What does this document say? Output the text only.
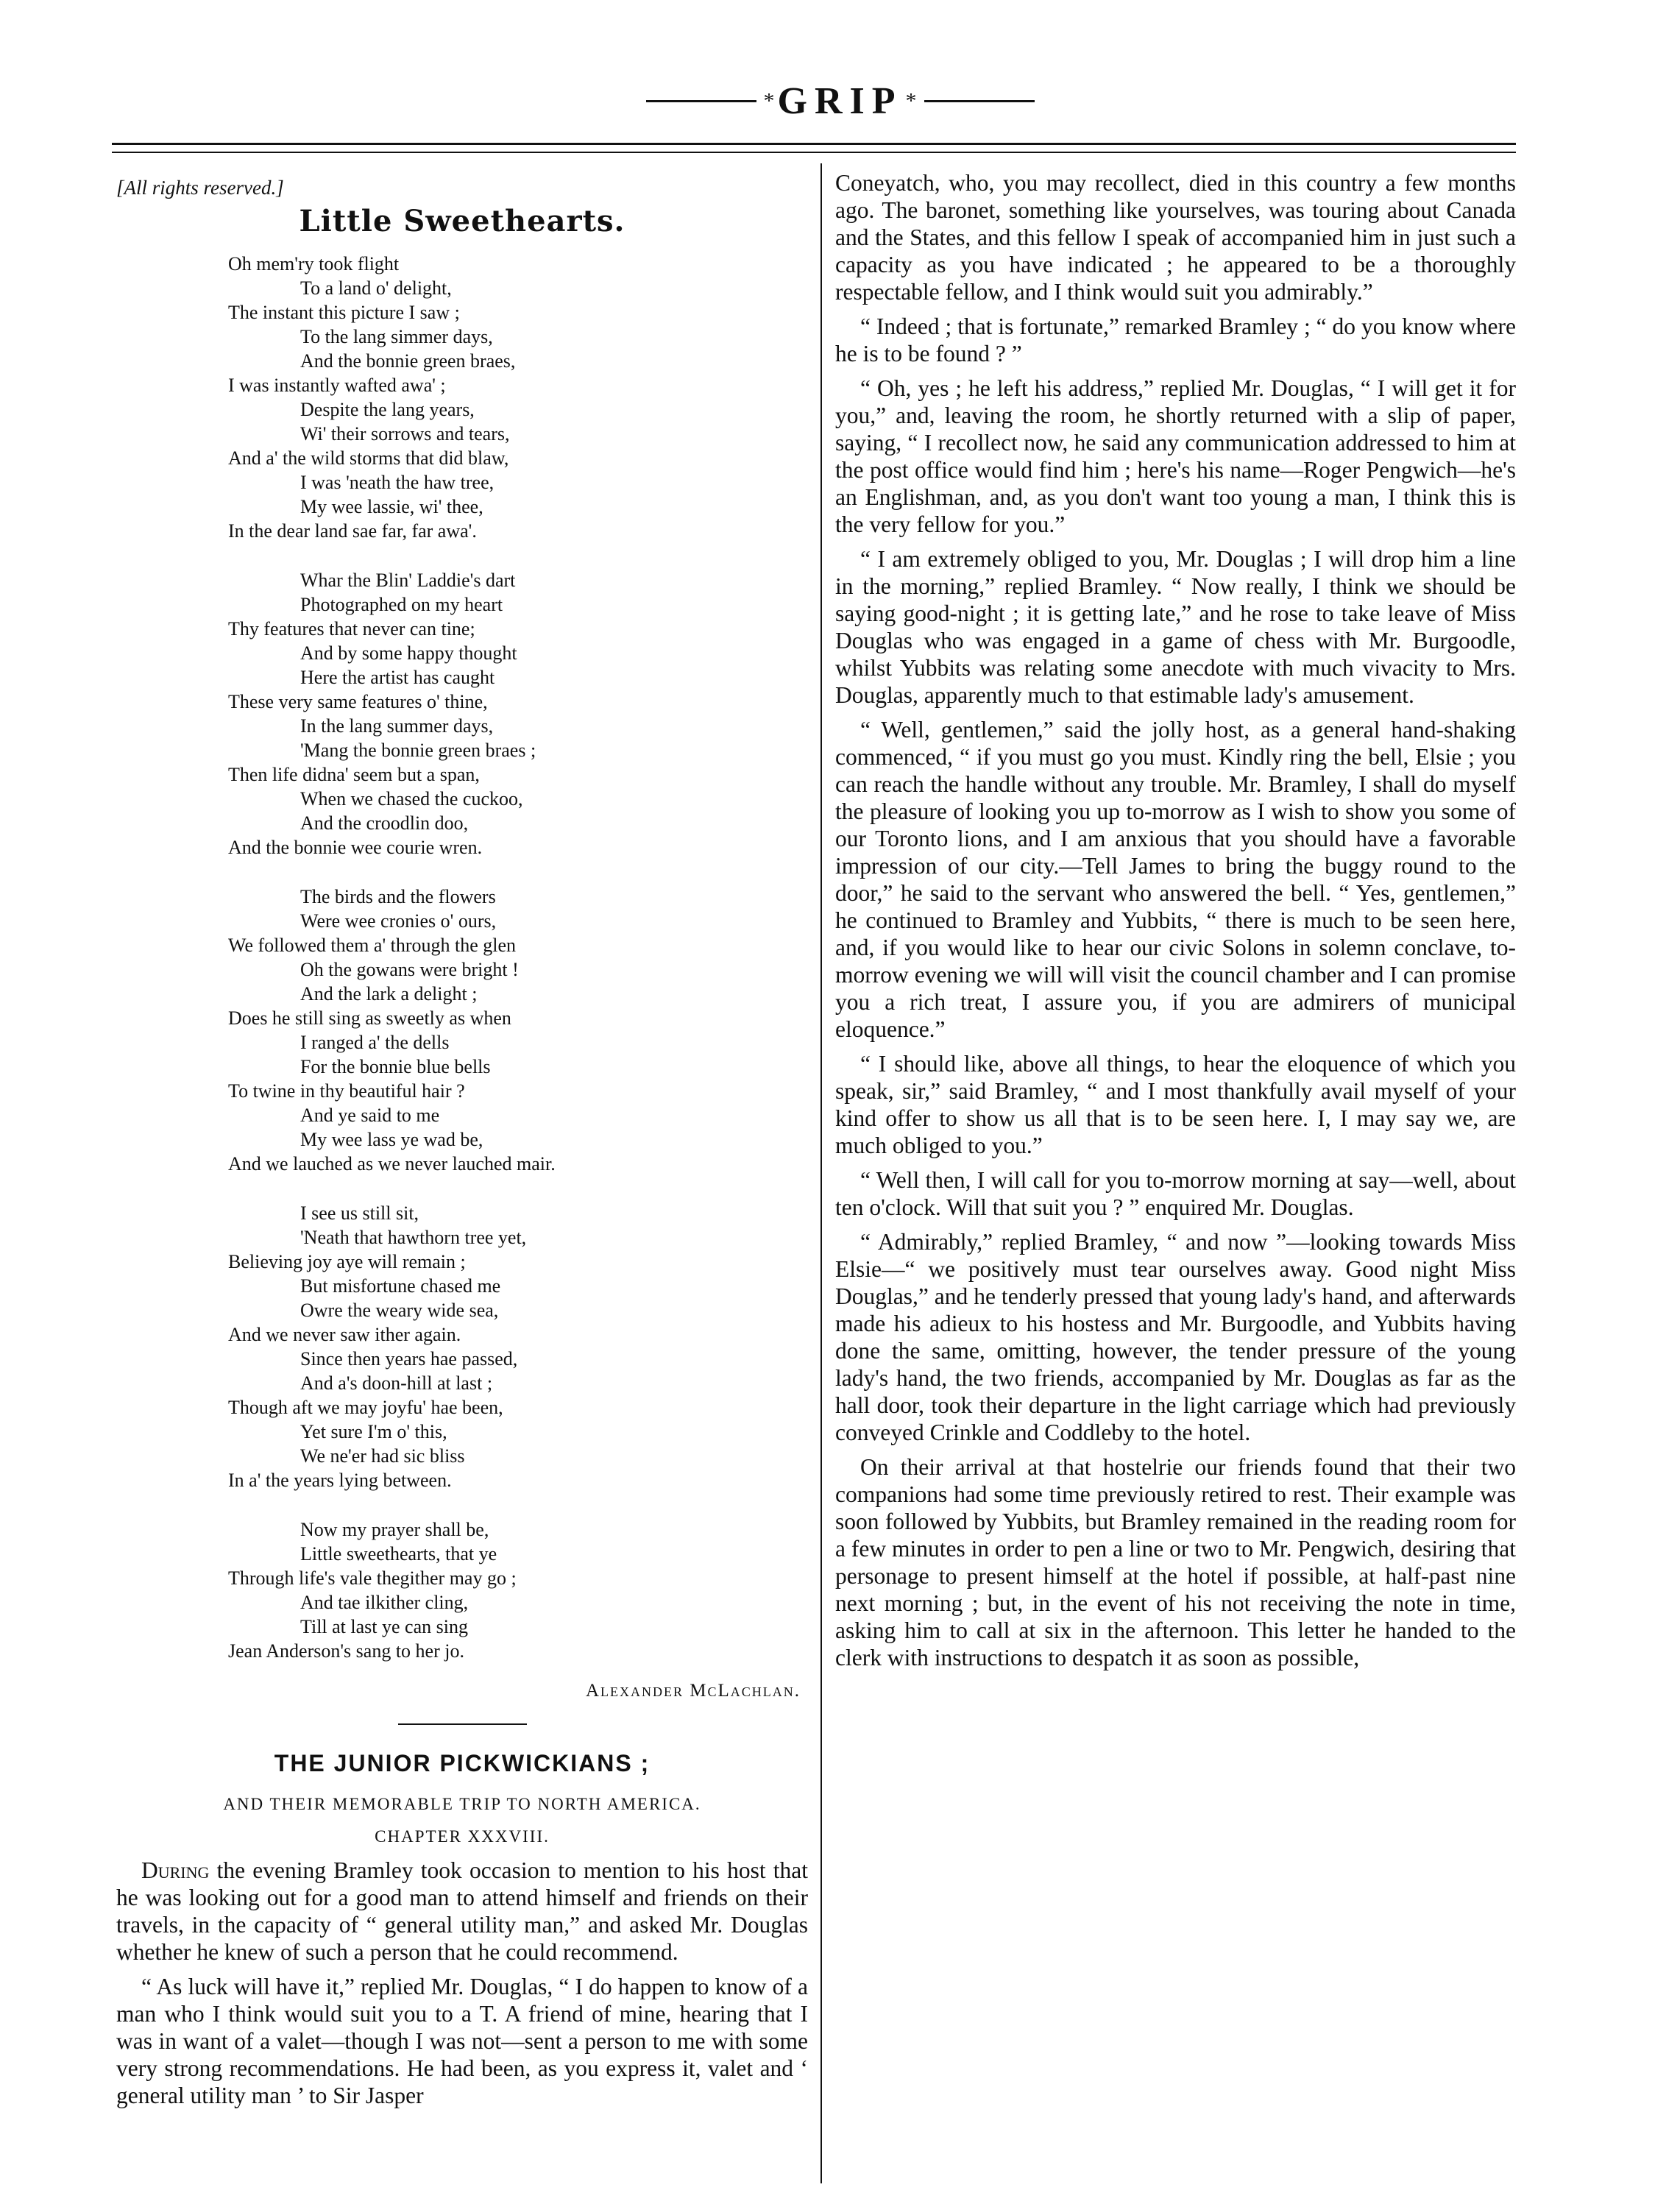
* GRIP *
[All rights reserved.]
Little Sweethearts.
Oh mem'ry took flight
To a land o' delight,
The instant this picture I saw ;
To the lang simmer days,
And the bonnie green braes,
I was instantly wafted awa' ;
Despite the lang years,
Wi' their sorrows and tears,
And a' the wild storms that did blaw,
I was 'neath the haw tree,
My wee lassie, wi' thee,
In the dear land sae far, far awa'.
Whar the Blin' Laddie's dart
Photographed on my heart
Thy features that never can tine;
And by some happy thought
Here the artist has caught
These very same features o' thine,
In the lang summer days,
'Mang the bonnie green braes ;
Then life didna' seem but a span,
When we chased the cuckoo,
And the croodlin doo,
And the bonnie wee courie wren.
The birds and the flowers
Were wee cronies o' ours,
We followed them a' through the glen
Oh the gowans were bright !
And the lark a delight ;
Does he still sing as sweetly as when
I ranged a' the dells
For the bonnie blue bells
To twine in thy beautiful hair ?
And ye said to me
My wee lass ye wad be,
And we lauched as we never lauched mair.
I see us still sit,
'Neath that hawthorn tree yet,
Believing joy aye will remain ;
But misfortune chased me
Owre the weary wide sea,
And we never saw ither again.
Since then years hae passed,
And a's doon-hill at last ;
Though aft we may joyfu' hae been,
Yet sure I'm o' this,
We ne'er had sic bliss
In a' the years lying between.
Now my prayer shall be,
Little sweethearts, that ye
Through life's vale thegither may go ;
And tae ilkither cling,
Till at last ye can sing
Jean Anderson's sang to her jo.
Alexander McLachlan.
THE JUNIOR PICKWICKIANS ;
AND THEIR MEMORABLE TRIP TO NORTH AMERICA.
CHAPTER XXXVIII.

During the evening Bramley took occasion to mention to his host that he was looking out for a good man to attend himself and friends on their travels, in the capacity of “ general utility man,” and asked Mr. Douglas whether he knew of such a person that he could recommend.

“ As luck will have it,” replied Mr. Douglas, “ I do happen to know of a man who I think would suit you to a T. A friend of mine, hearing that I was in want of a valet—though I was not—sent a person to me with some very strong recommendations. He had been, as you express it, valet and ‘ general utility man ’ to Sir Jasper

Coneyatch, who, you may recollect, died in this country a few months ago. The baronet, something like yourselves, was touring about Canada and the States, and this fellow I speak of accompanied him in just such a capacity as you have indicated ; he appeared to be a thoroughly respectable fellow, and I think would suit you admirably.”

“ Indeed ; that is fortunate,” remarked Bramley ; “ do you know where he is to be found ? ”

“ Oh, yes ; he left his address,” replied Mr. Douglas, “ I will get it for you,” and, leaving the room, he shortly returned with a slip of paper, saying, “ I recollect now, he said any communication addressed to him at the post office would find him ; here's his name—Roger Pengwich—he's an Englishman, and, as you don't want too young a man, I think this is the very fellow for you.”

“ I am extremely obliged to you, Mr. Douglas ; I will drop him a line in the morning,” replied Bramley. “ Now really, I think we should be saying good-night ; it is getting late,” and he rose to take leave of Miss Douglas who was engaged in a game of chess with Mr. Burgoodle, whilst Yubbits was relating some anecdote with much vivacity to Mrs. Douglas, apparently much to that estimable lady's amusement.

“ Well, gentlemen,” said the jolly host, as a general hand-shaking commenced, “ if you must go you must. Kindly ring the bell, Elsie ; you can reach the handle without any trouble. Mr. Bramley, I shall do myself the pleasure of looking you up to-morrow as I wish to show you some of our Toronto lions, and I am anxious that you should have a favorable impression of our city.—Tell James to bring the buggy round to the door,” he said to the servant who answered the bell. “ Yes, gentlemen,” he continued to Bramley and Yubbits, “ there is much to be seen here, and, if you would like to hear our civic Solons in solemn conclave, to-morrow evening we will will visit the council chamber and I can promise you a rich treat, I assure you, if you are admirers of municipal eloquence.”

“ I should like, above all things, to hear the eloquence of which you speak, sir,” said Bramley, “ and I most thankfully avail myself of your kind offer to show us all that is to be seen here. I, I may say we, are much obliged to you.”

“ Well then, I will call for you to-morrow morning at say—well, about ten o'clock. Will that suit you ? ” enquired Mr. Douglas.

“ Admirably,” replied Bramley, “ and now ”—looking towards Miss Elsie—“ we positively must tear ourselves away. Good night Miss Douglas,” and he tenderly pressed that young lady's hand, and afterwards made his adieux to his hostess and Mr. Burgoodle, and Yubbits having done the same, omitting, however, the tender pressure of the young lady's hand, the two friends, accompanied by Mr. Douglas as far as the hall door, took their departure in the light carriage which had previously conveyed Crinkle and Coddleby to the hotel.

On their arrival at that hostelrie our friends found that their two companions had some time previously retired to rest. Their example was soon followed by Yubbits, but Bramley remained in the reading room for a few minutes in order to pen a line or two to Mr. Pengwich, desiring that personage to present himself at the hotel if possible, at half-past nine next morning ; but, in the event of his not receiving the note in time, asking him to call at six in the afternoon. This letter he handed to the clerk with instructions to despatch it as soon as possible,
